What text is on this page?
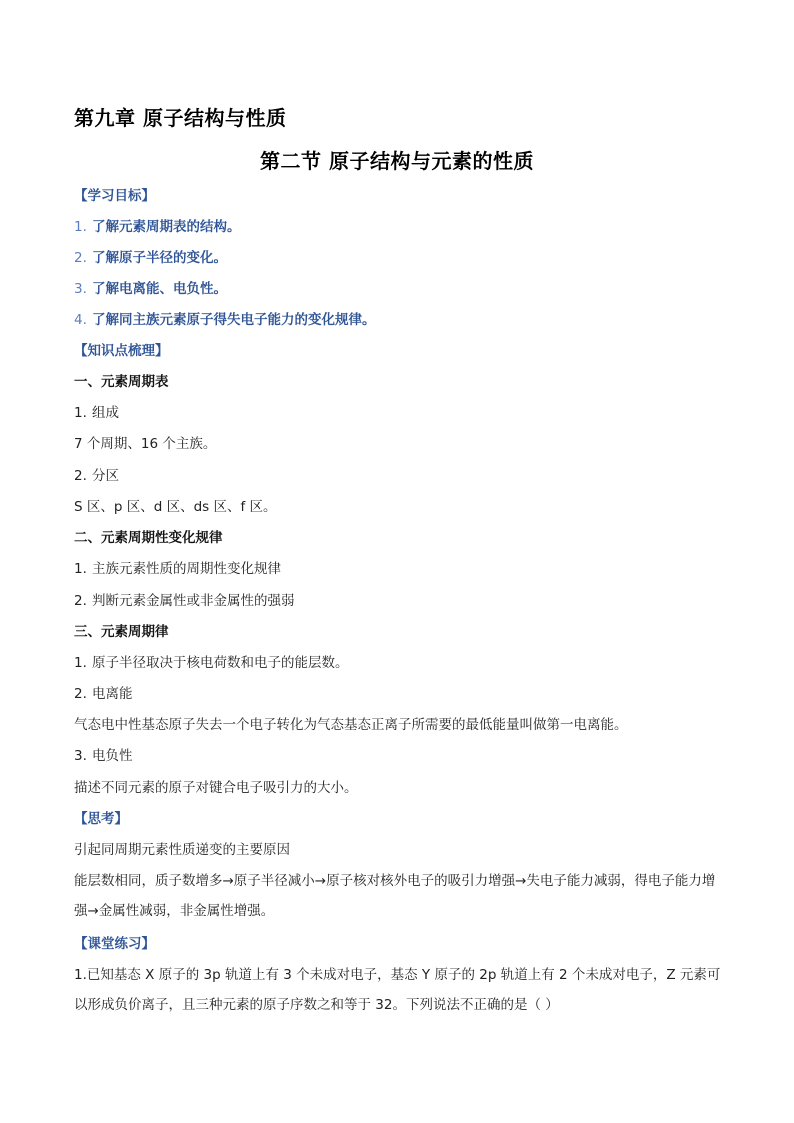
第九章 原子结构与性质
第二节 原子结构与元素的性质
【学习目标】
1. 了解元素周期表的结构。
2. 了解原子半径的变化。
3. 了解电离能、电负性。
4. 了解同主族元素原子得失电子能力的变化规律。
【知识点梳理】
一、元素周期表
1. 组成
7 个周期、16 个主族。
2. 分区
S 区、p 区、d 区、ds 区、f 区。
二、元素周期性变化规律
1. 主族元素性质的周期性变化规律
2. 判断元素金属性或非金属性的强弱
三、元素周期律
1. 原子半径取决于核电荷数和电子的能层数。
2. 电离能
气态电中性基态原子失去一个电子转化为气态基态正离子所需要的最低能量叫做第一电离能。
3. 电负性
描述不同元素的原子对键合电子吸引力的大小。
【思考】
引起同周期元素性质递变的主要原因
能层数相同，质子数增多→原子半径减小→原子核对核外电子的吸引力增强→失电子能力减弱，得电子能力增强→金属性减弱，非金属性增强。
【课堂练习】
1.已知基态 X 原子的 3p 轨道上有 3 个未成对电子，基态 Y 原子的 2p 轨道上有 2 个未成对电子，Z 元素可以形成负价离子，且三种元素的原子序数之和等于 32。下列说法不正确的是（ ）
